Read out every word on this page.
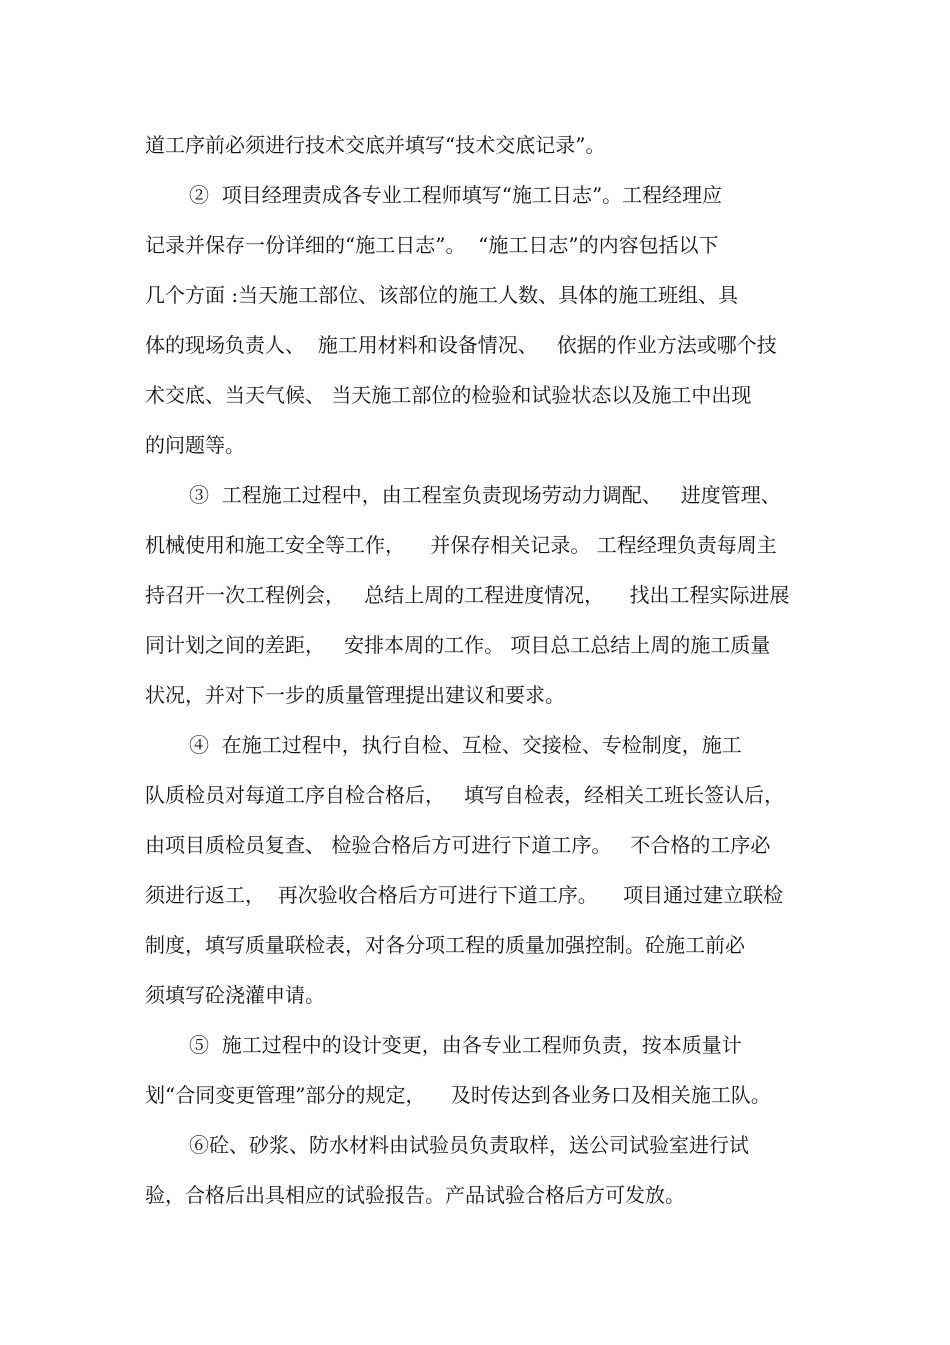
道工序前必须进行技术交底并填写“技术交底记录”。
②  项目经理责成各专业工程师填写“施工日志”。工程经理应
记录并保存一份详细的“施工日志”。  “施工日志”的内容包括以下
几个方面 :当天施工部位、该部位的施工人数、具体的施工班组、具
体的现场负责人、  施工用材料和设备情况、   依据的作业方法或哪个技
术交底、当天气候、 当天施工部位的检验和试验状态以及施工中出现
的问题等。
③  工程施工过程中，由工程室负责现场劳动力调配、   进度管理、
机械使用和施工安全等工作，    并保存相关记录。 工程经理负责每周主
持召开一次工程例会，   总结上周的工程进度情况，    找出工程实际进展
同计划之间的差距，   安排本周的工作。 项目总工总结上周的施工质量
状况，并对下一步的质量管理提出建议和要求。
④  在施工过程中，执行自检、互检、交接检、专检制度，施工
队质检员对每道工序自检合格后，   填写自检表，经相关工班长签认后，
由项目质检员复查、 检验合格后方可进行下道工序。   不合格的工序必
须进行返工，  再次验收合格后方可进行下道工序。    项目通过建立联检
制度，填写质量联检表，对各分项工程的质量加强控制。砼施工前必
须填写砼浇灌申请。
⑤  施工过程中的设计变更，由各专业工程师负责，按本质量计
划“合同变更管理”部分的规定，    及时传达到各业务口及相关施工队。
⑥砼、砂浆、防水材料由试验员负责取样，送公司试验室进行试
验，合格后出具相应的试验报告。产品试验合格后方可发放。
